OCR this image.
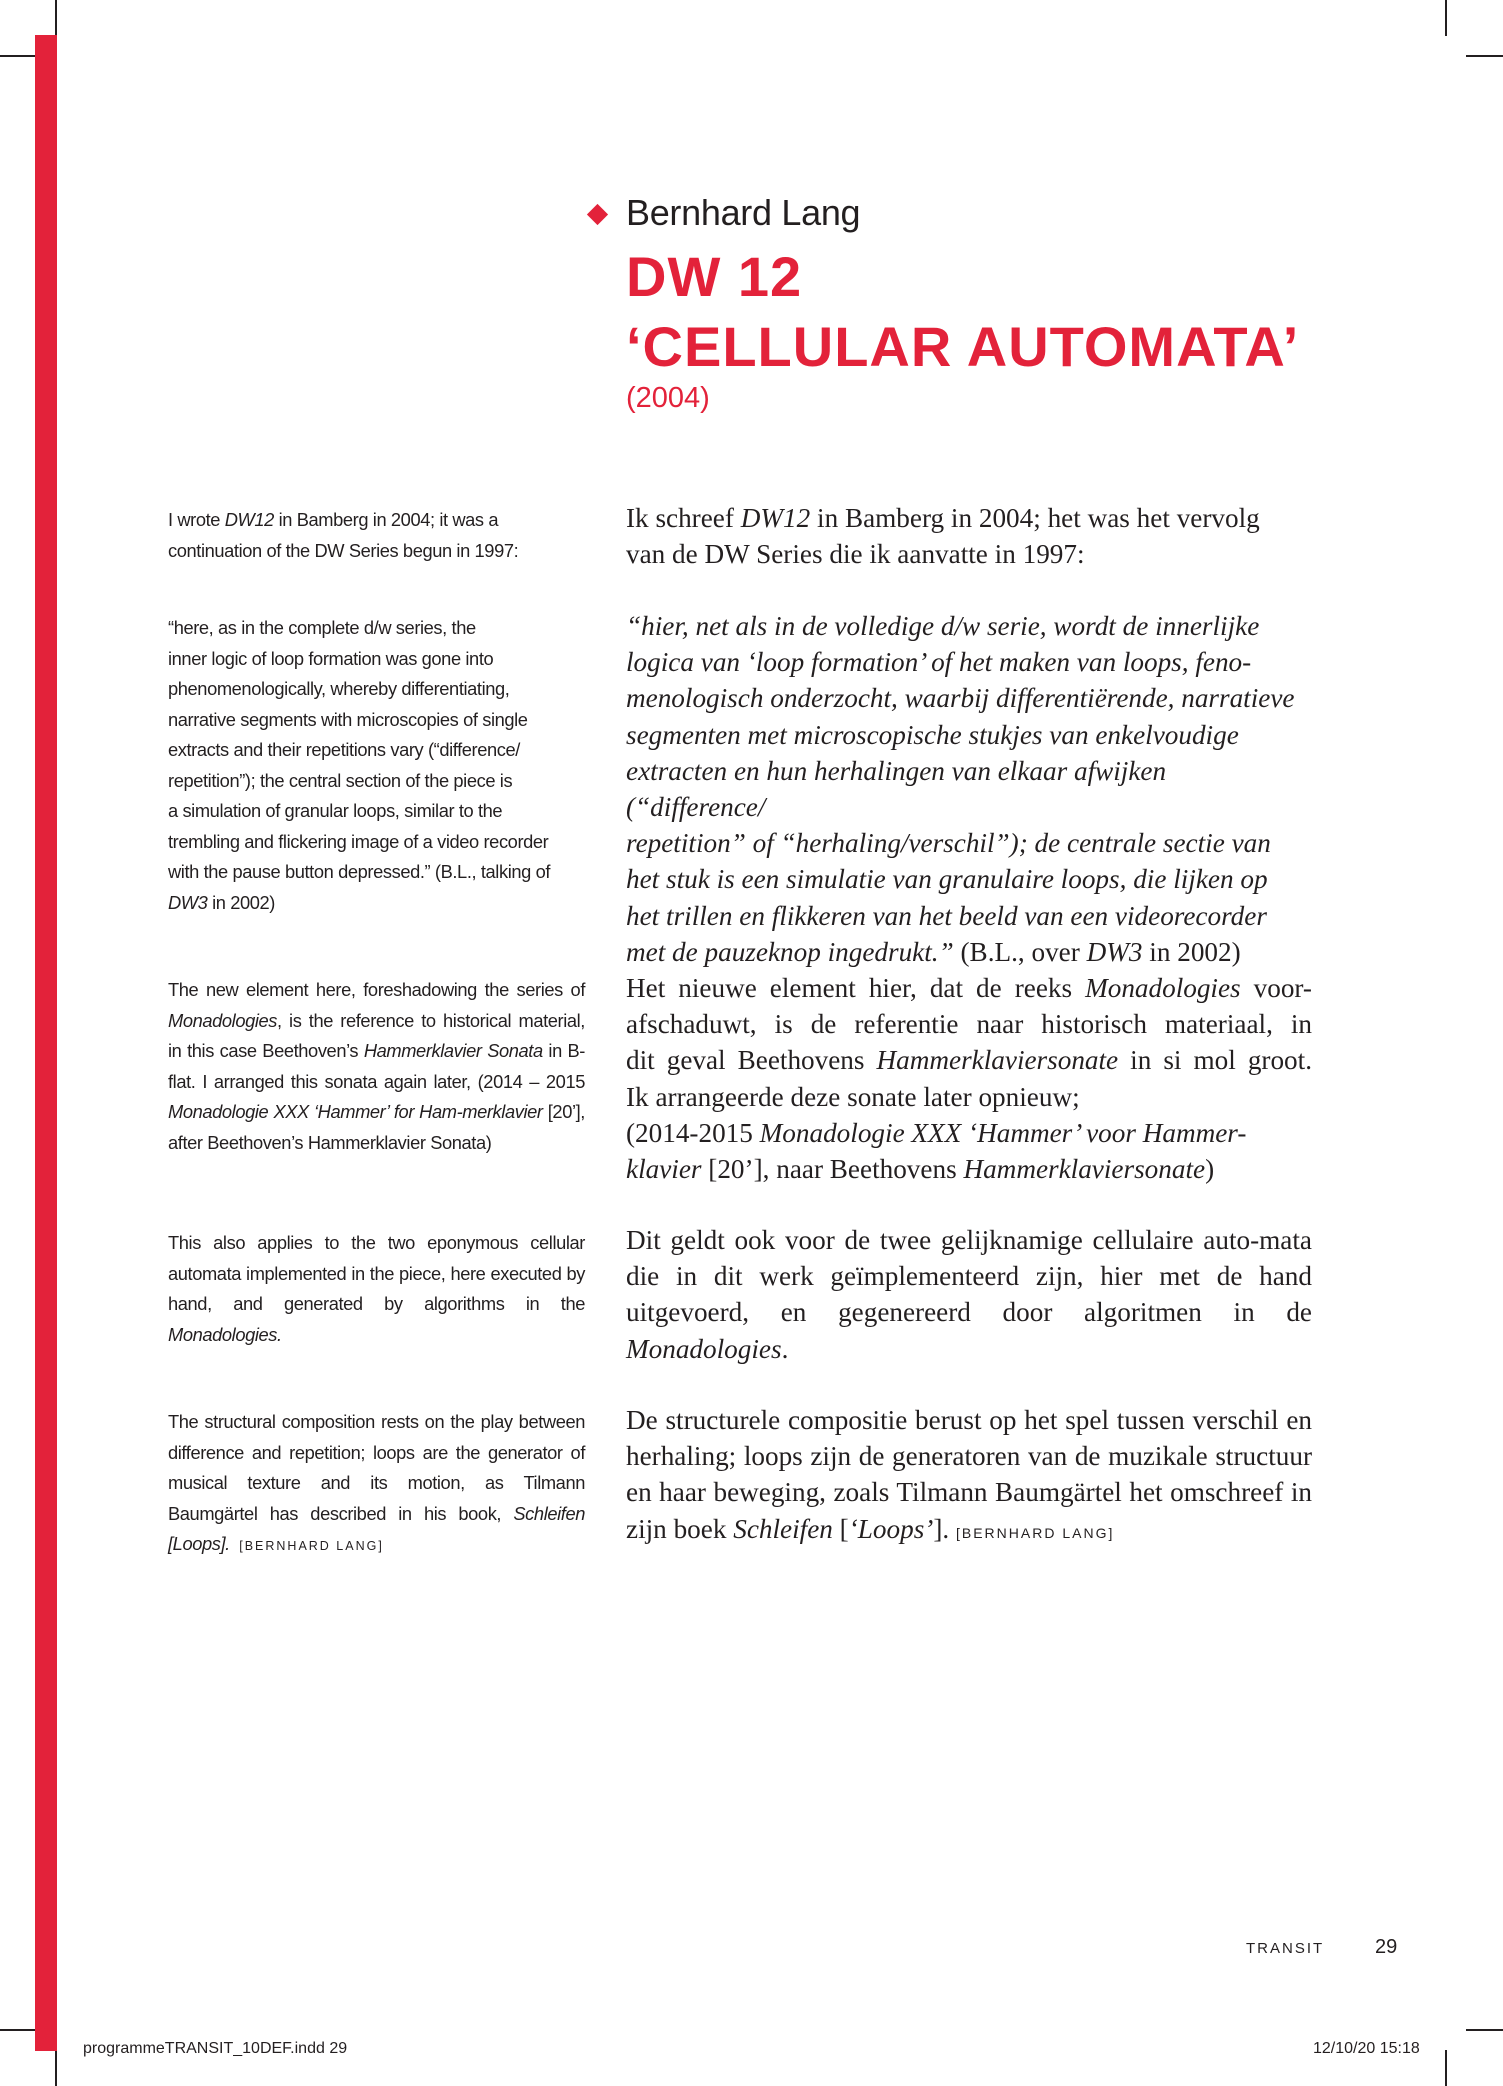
Bernhard Lang
DW 12
‘CELLULAR AUTOMATA’
(2004)

I wrote DW12 in Bamberg in 2004; it was a
continuation of the DW Series begun in 1997:

“here, as in the complete d/w series, the
inner logic of loop formation was gone into
phenomenologically, whereby differentiating,
narrative segments with microscopies of single
extracts and their repetitions vary (“difference/
repetition”); the central section of the piece is
a simulation of granular loops, similar to the
trembling and flickering image of a video recorder
with the pause button depressed.” (B.L., talking of
DW3 in 2002)

The new element here, foreshadowing the series of Monadologies, is the reference to historical material, in this case Beethoven’s Hammerklavier Sonata in B-flat. I arranged this sonata again later, (2014 – 2015 Monadologie XXX ‘Hammer’ for Ham-merklavier [20’], after Beethoven’s Hammerklavier Sonata)

This also applies to the two eponymous cellular automata implemented in the piece, here executed by hand, and generated by algorithms in the Monadologies.

The structural composition rests on the play between difference and repetition; loops are the generator of musical texture and its motion, as Tilmann Baumgärtel has described in his book, Schleifen [Loops]. [BERNHARD LANG]

Ik schreef DW12 in Bamberg in 2004; het was het vervolg
van de DW Series die ik aanvatte in 1997:

“hier, net als in de volledige d/w serie, wordt de innerlijke
logica van ‘loop formation’ of het maken van loops, feno-
menologisch onderzocht, waarbij differentiërende, narratieve
segmenten met microscopische stukjes van enkelvoudige
extracten en hun herhalingen van elkaar afwijken (“difference/
repetition” of “herhaling/verschil”); de centrale sectie van
het stuk is een simulatie van granulaire loops, die lijken op
het trillen en flikkeren van het beeld van een videorecorder
met de pauzeknop ingedrukt.” (B.L., over DW3 in 2002)

Het nieuwe element hier, dat de reeks Monadologies voor-
afschaduwt, is de referentie naar historisch materiaal, in
dit geval Beethovens Hammerklaviersonate in si mol groot.
Ik arrangeerde deze sonate later opnieuw;
(2014-2015 Monadologie XXX ‘Hammer’ voor Hammer-
klavier [20’], naar Beethovens Hammerklaviersonate)

Dit geldt ook voor de twee gelijknamige cellulaire auto-mata die in dit werk geïmplementeerd zijn, hier met de hand uitgevoerd, en gegenereerd door algoritmen in de Monadologies.

De structurele compositie berust op het spel tussen verschil en herhaling; loops zijn de generatoren van de muzikale structuur en haar beweging, zoals Tilmann Baumgärtel het omschreef in zijn boek Schleifen [‘Loops’]. [BERNHARD LANG]

TRANSIT	29
programmeTRANSIT_10DEF.indd 29	12/10/20 15:18
